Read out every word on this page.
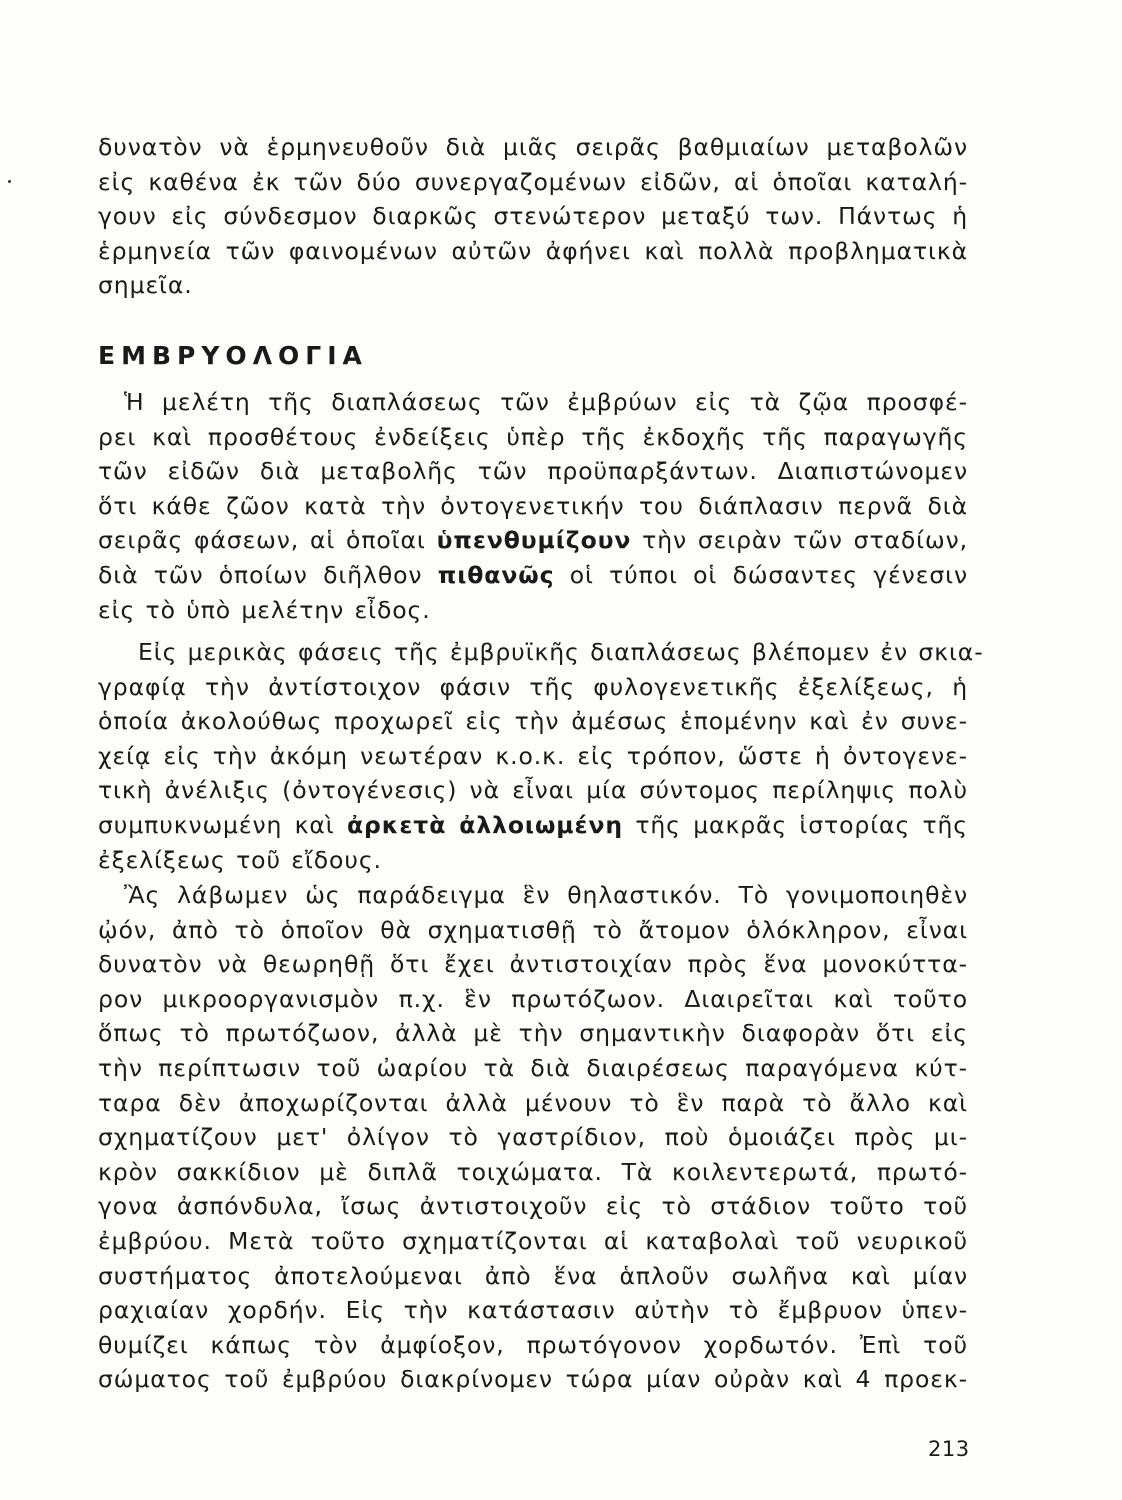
δυνατὸν νὰ ἑρμηνευθοῦν διὰ μιᾶς σειρᾶς βαθμιαίων μεταβολῶν
εἰς καθένα ἐκ τῶν δύο συνεργαζομένων εἰδῶν, αἱ ὁποῖαι καταλή-
γουν εἰς σύνδεσμον διαρκῶς στενώτερον μεταξύ των. Πάντως ἡ
ἑρμηνεία τῶν φαινομένων αὐτῶν ἀφήνει καὶ πολλὰ προβληματικὰ
σημεῖα.
ΕΜΒΡΥΟΛΟΓΙΑ
Ἡ μελέτη τῆς διαπλάσεως τῶν ἐμβρύων εἰς τὰ ζῷα προσφέ-
ρει καὶ προσθέτους ἐνδείξεις ὑπὲρ τῆς ἐκδοχῆς τῆς παραγωγῆς
τῶν εἰδῶν διὰ μεταβολῆς τῶν προϋπαρξάντων. Διαπιστώνομεν
ὅτι κάθε ζῶον κατὰ τὴν ὀντογενετικήν του διάπλασιν περνᾶ διὰ
σειρᾶς φάσεων, αἱ ὁποῖαι ὑπενθυμίζουν τὴν σειρὰν τῶν σταδίων,
διὰ τῶν ὁποίων διῆλθον πιθανῶς οἱ τύποι οἱ δώσαντες γένεσιν
εἰς τὸ ὑπὸ μελέτην εἶδος.
Εἰς μερικὰς φάσεις τῆς ἐμβρυϊκῆς διαπλάσεως βλέπομεν ἐν σκια-
γραφίᾳ τὴν ἀντίστοιχον φάσιν τῆς φυλογενετικῆς ἐξελίξεως, ἡ
ὁποία ἀκολούθως προχωρεῖ εἰς τὴν ἀμέσως ἑπομένην καὶ ἐν συνε-
χείᾳ εἰς τὴν ἀκόμη νεωτέραν κ.ο.κ. εἰς τρόπον, ὥστε ἡ ὀντογενε-
τικὴ ἀνέλιξις (ὀντογένεσις) νὰ εἶναι μία σύντομος περίληψις πολὺ
συμπυκνωμένη καὶ ἀρκετὰ ἀλλοιωμένη τῆς μακρᾶς ἱστορίας τῆς
ἐξελίξεως τοῦ εἴδους.
Ἂς λάβωμεν ὡς παράδειγμα ἓν θηλαστικόν. Τὸ γονιμοποιηθὲν
ᾠόν, ἀπὸ τὸ ὁποῖον θὰ σχηματισθῇ τὸ ἄτομον ὁλόκληρον, εἶναι
δυνατὸν νὰ θεωρηθῇ ὅτι ἔχει ἀντιστοιχίαν πρὸς ἕνα μονοκύττα-
ρον μικροοργανισμὸν π.χ. ἓν πρωτόζωον. Διαιρεῖται καὶ τοῦτο
ὅπως τὸ πρωτόζωον, ἀλλὰ μὲ τὴν σημαντικὴν διαφορὰν ὅτι εἰς
τὴν περίπτωσιν τοῦ ὠαρίου τὰ διὰ διαιρέσεως παραγόμενα κύτ-
ταρα δὲν ἀποχωρίζονται ἀλλὰ μένουν τὸ ἓν παρὰ τὸ ἄλλο καὶ
σχηματίζουν μετ' ὀλίγον τὸ γαστρίδιον, ποὺ ὁμοιάζει πρὸς μι-
κρὸν σακκίδιον μὲ διπλᾶ τοιχώματα. Τὰ κοιλεντερωτά, πρωτό-
γονα ἀσπόνδυλα, ἴσως ἀντιστοιχοῦν εἰς τὸ στάδιον τοῦτο τοῦ
ἐμβρύου. Μετὰ τοῦτο σχηματίζονται αἱ καταβολαὶ τοῦ νευρικοῦ
συστήματος ἀποτελούμεναι ἀπὸ ἕνα ἁπλοῦν σωλῆνα καὶ μίαν
ραχιαίαν χορδήν. Εἰς τὴν κατάστασιν αὐτὴν τὸ ἔμβρυον ὑπεν-
θυμίζει κάπως τὸν ἀμφίοξον, πρωτόγονον χορδωτόν. Ἐπὶ τοῦ
σώματος τοῦ ἐμβρύου διακρίνομεν τώρα μίαν οὐρὰν καὶ 4 προεκ-
213
